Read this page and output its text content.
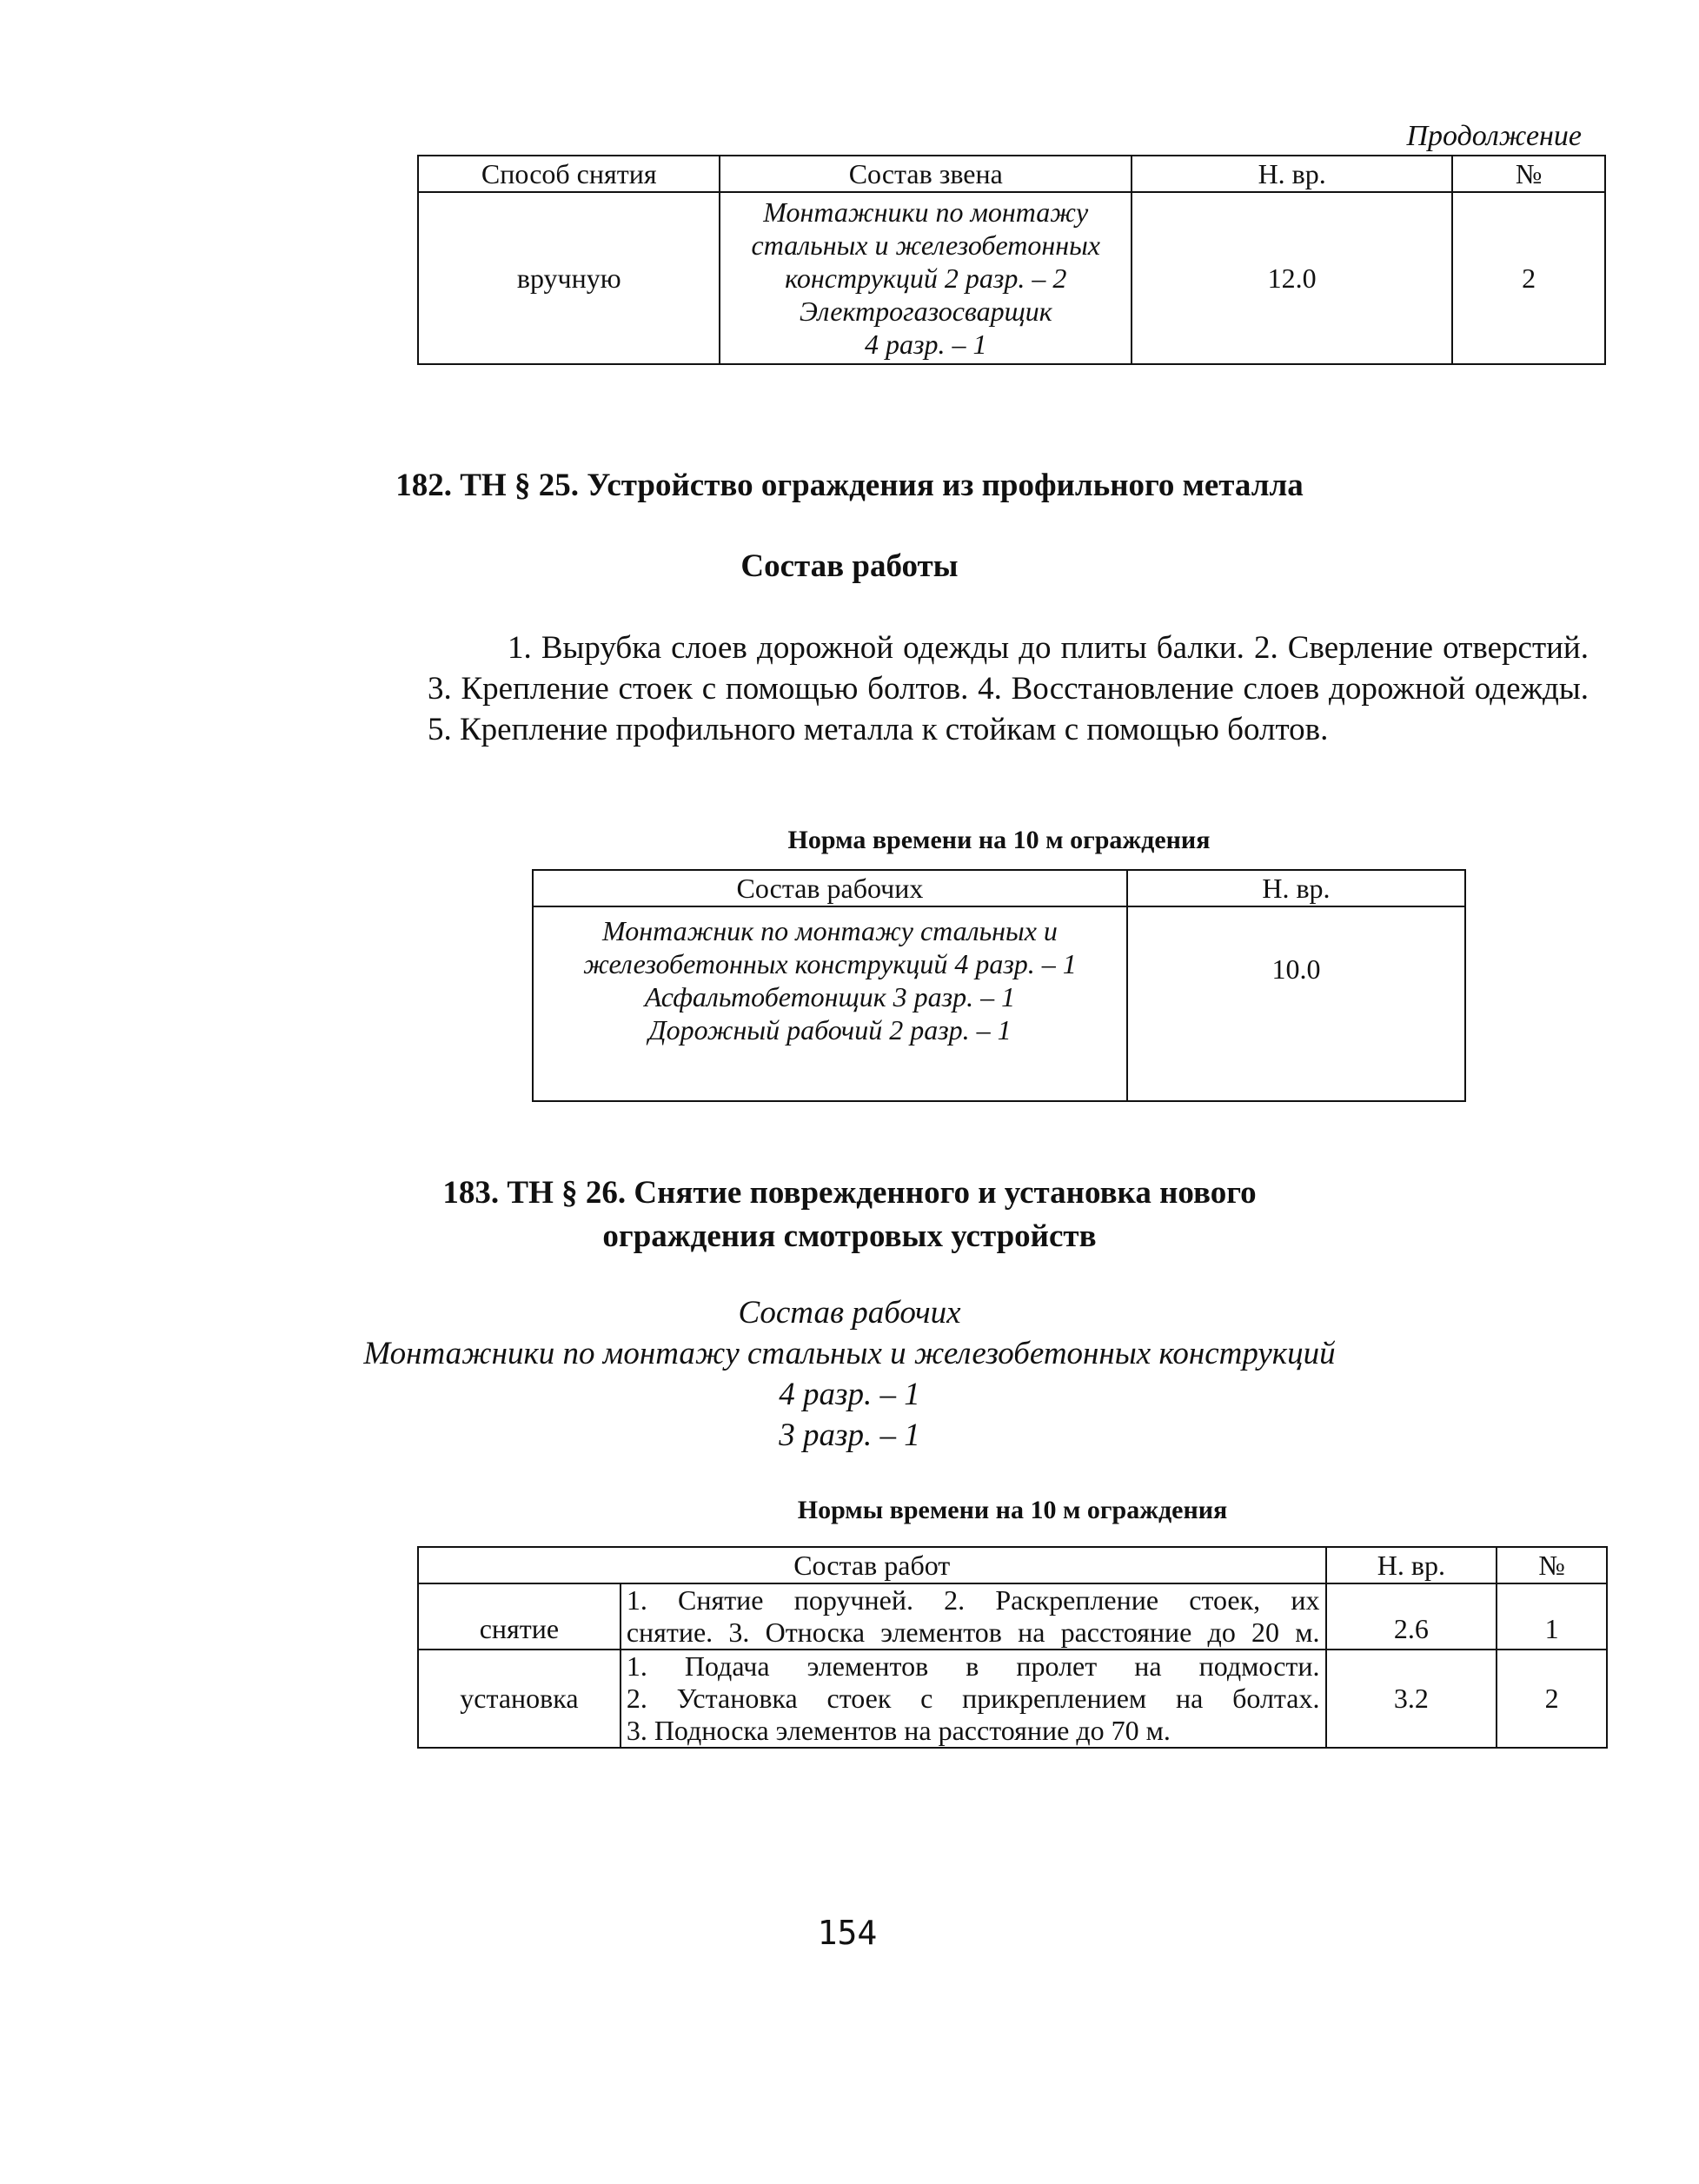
Продолжение
Способ снятия	Состав звена	Н. вр.	№
вручную	Монтажники по монтажу
стальных и железобетонных
конструкций 2 разр. – 2
Электрогазосварщик
4 разр. – 1	12.0	2
182. ТН § 25. Устройство ограждения из профильного металла
Состав работы

1. Вырубка слоев дорожной одежды до плиты балки. 2. Сверление отверстий. 3. Крепление стоек с помощью болтов. 4. Восстановление слоев дорожной одежды. 5. Крепление профильного металла к стойкам с помощью болтов.

Норма времени на 10 м ограждения
Состав рабочих	Н. вр.

Монтажник по монтажу стальных и
железобетонных конструкций 4 разр. – 1
Асфальтобетонщик 3 разр. – 1
Дорожный рабочий 2 разр. – 1	10.0
183. ТН § 26. Снятие поврежденного и установка нового
ограждения смотровых устройств
Состав рабочих
Монтажники по монтажу стальных и железобетонных конструкций
4 разр. – 1
3 разр. – 1
Нормы времени на 10 м ограждения
Состав работ		Н. вр.	№
снятие	1. Снятие поручней. 2. Раскрепление стоек, их
снятие. 3. Относка элементов на расстояние до 20 м.	2.6	1
установка	1. Подача элементов в пролет на подмости.
2. Установка стоек с прикреплением на болтах.
3. Подноска элементов на расстояние до 70 м.	3.2	2
154
